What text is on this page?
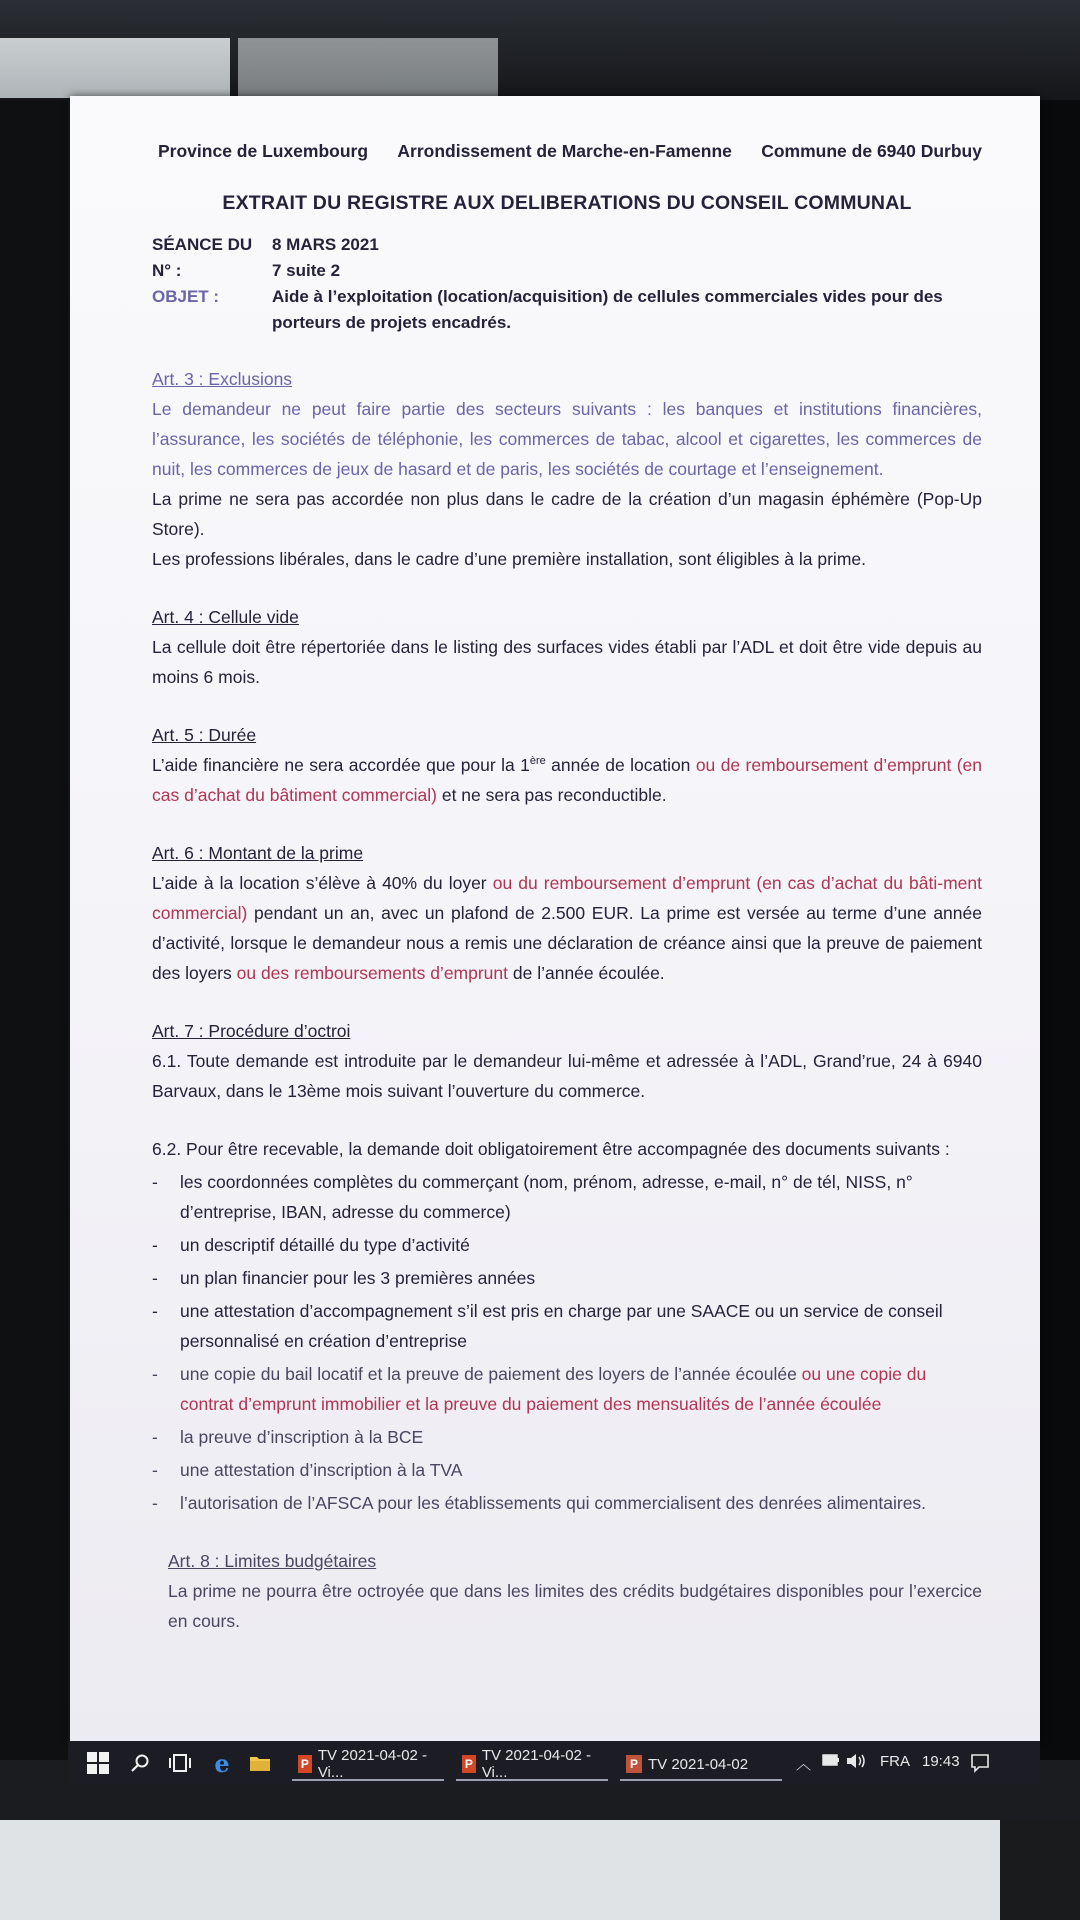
Province de Luxembourg Arrondissement de Marche-en-Famenne Commune de 6940 Durbuy
EXTRAIT DU REGISTRE AUX DELIBERATIONS DU CONSEIL COMMUNAL
SÉANCE DU	8 MARS 2021
N° :	7 suite 2
OBJET :	Aide à l’exploitation (location/acquisition) de cellules commerciales vides pour des porteurs de projets encadrés.
Art. 3 : Exclusions

Le demandeur ne peut faire partie des secteurs suivants : les banques et institutions financières, l’assurance, les sociétés de téléphonie, les commerces de tabac, alcool et cigarettes, les commerces de nuit, les commerces de jeux de hasard et de paris, les sociétés de courtage et l’enseignement.

La prime ne sera pas accordée non plus dans le cadre de la création d’un magasin éphémère (Pop-Up Store).

Les professions libérales, dans le cadre d’une première installation, sont éligibles à la prime.

Art. 4 : Cellule vide

La cellule doit être répertoriée dans le listing des surfaces vides établi par l’ADL et doit être vide depuis au moins 6 mois.

Art. 5 : Durée

L’aide financière ne sera accordée que pour la 1ère année de location ou de remboursement d’emprunt (en cas d’achat du bâtiment commercial) et ne sera pas reconductible.

Art. 6 : Montant de la prime

L’aide à la location s’élève à 40% du loyer ou du remboursement d’emprunt (en cas d’achat du bâti-ment commercial) pendant un an, avec un plafond de 2.500 EUR. La prime est versée au terme d’une année d’activité, lorsque le demandeur nous a remis une déclaration de créance ainsi que la preuve de paiement des loyers ou des remboursements d’emprunt de l’année écoulée.

Art. 7 : Procédure d’octroi

6.1. Toute demande est introduite par le demandeur lui-même et adressée à l’ADL, Grand’rue, 24 à 6940 Barvaux, dans le 13ème mois suivant l’ouverture du commerce.

6.2. Pour être recevable, la demande doit obligatoirement être accompagnée des documents suivants :

-	les coordonnées complètes du commerçant (nom, prénom, adresse, e-mail, n° de tél, NISS, n° d’entreprise, IBAN, adresse du commerce)
-	un descriptif détaillé du type d’activité
-	un plan financier pour les 3 premières années
-	une attestation d’accompagnement s’il est pris en charge par une SAACE ou un service de conseil personnalisé en création d’entreprise
-	une copie du bail locatif et la preuve de paiement des loyers de l’année écoulée ou une copie du contrat d’emprunt immobilier et la preuve du paiement des mensualités de l’année écoulée
-	la preuve d’inscription à la BCE
-	une attestation d’inscription à la TVA
-	l’autorisation de l’AFSCA pour les établissements qui commercialisent des denrées alimentaires.
Art. 8 : Limites budgétaires

La prime ne pourra être octroyée que dans les limites des crédits budgétaires disponibles pour l’exercice en cours.

e	P TV 2021-04-02 - Vi...	P TV 2021-04-02 - Vi...	P TV 2021-04-02	︿	FRA 19:43
